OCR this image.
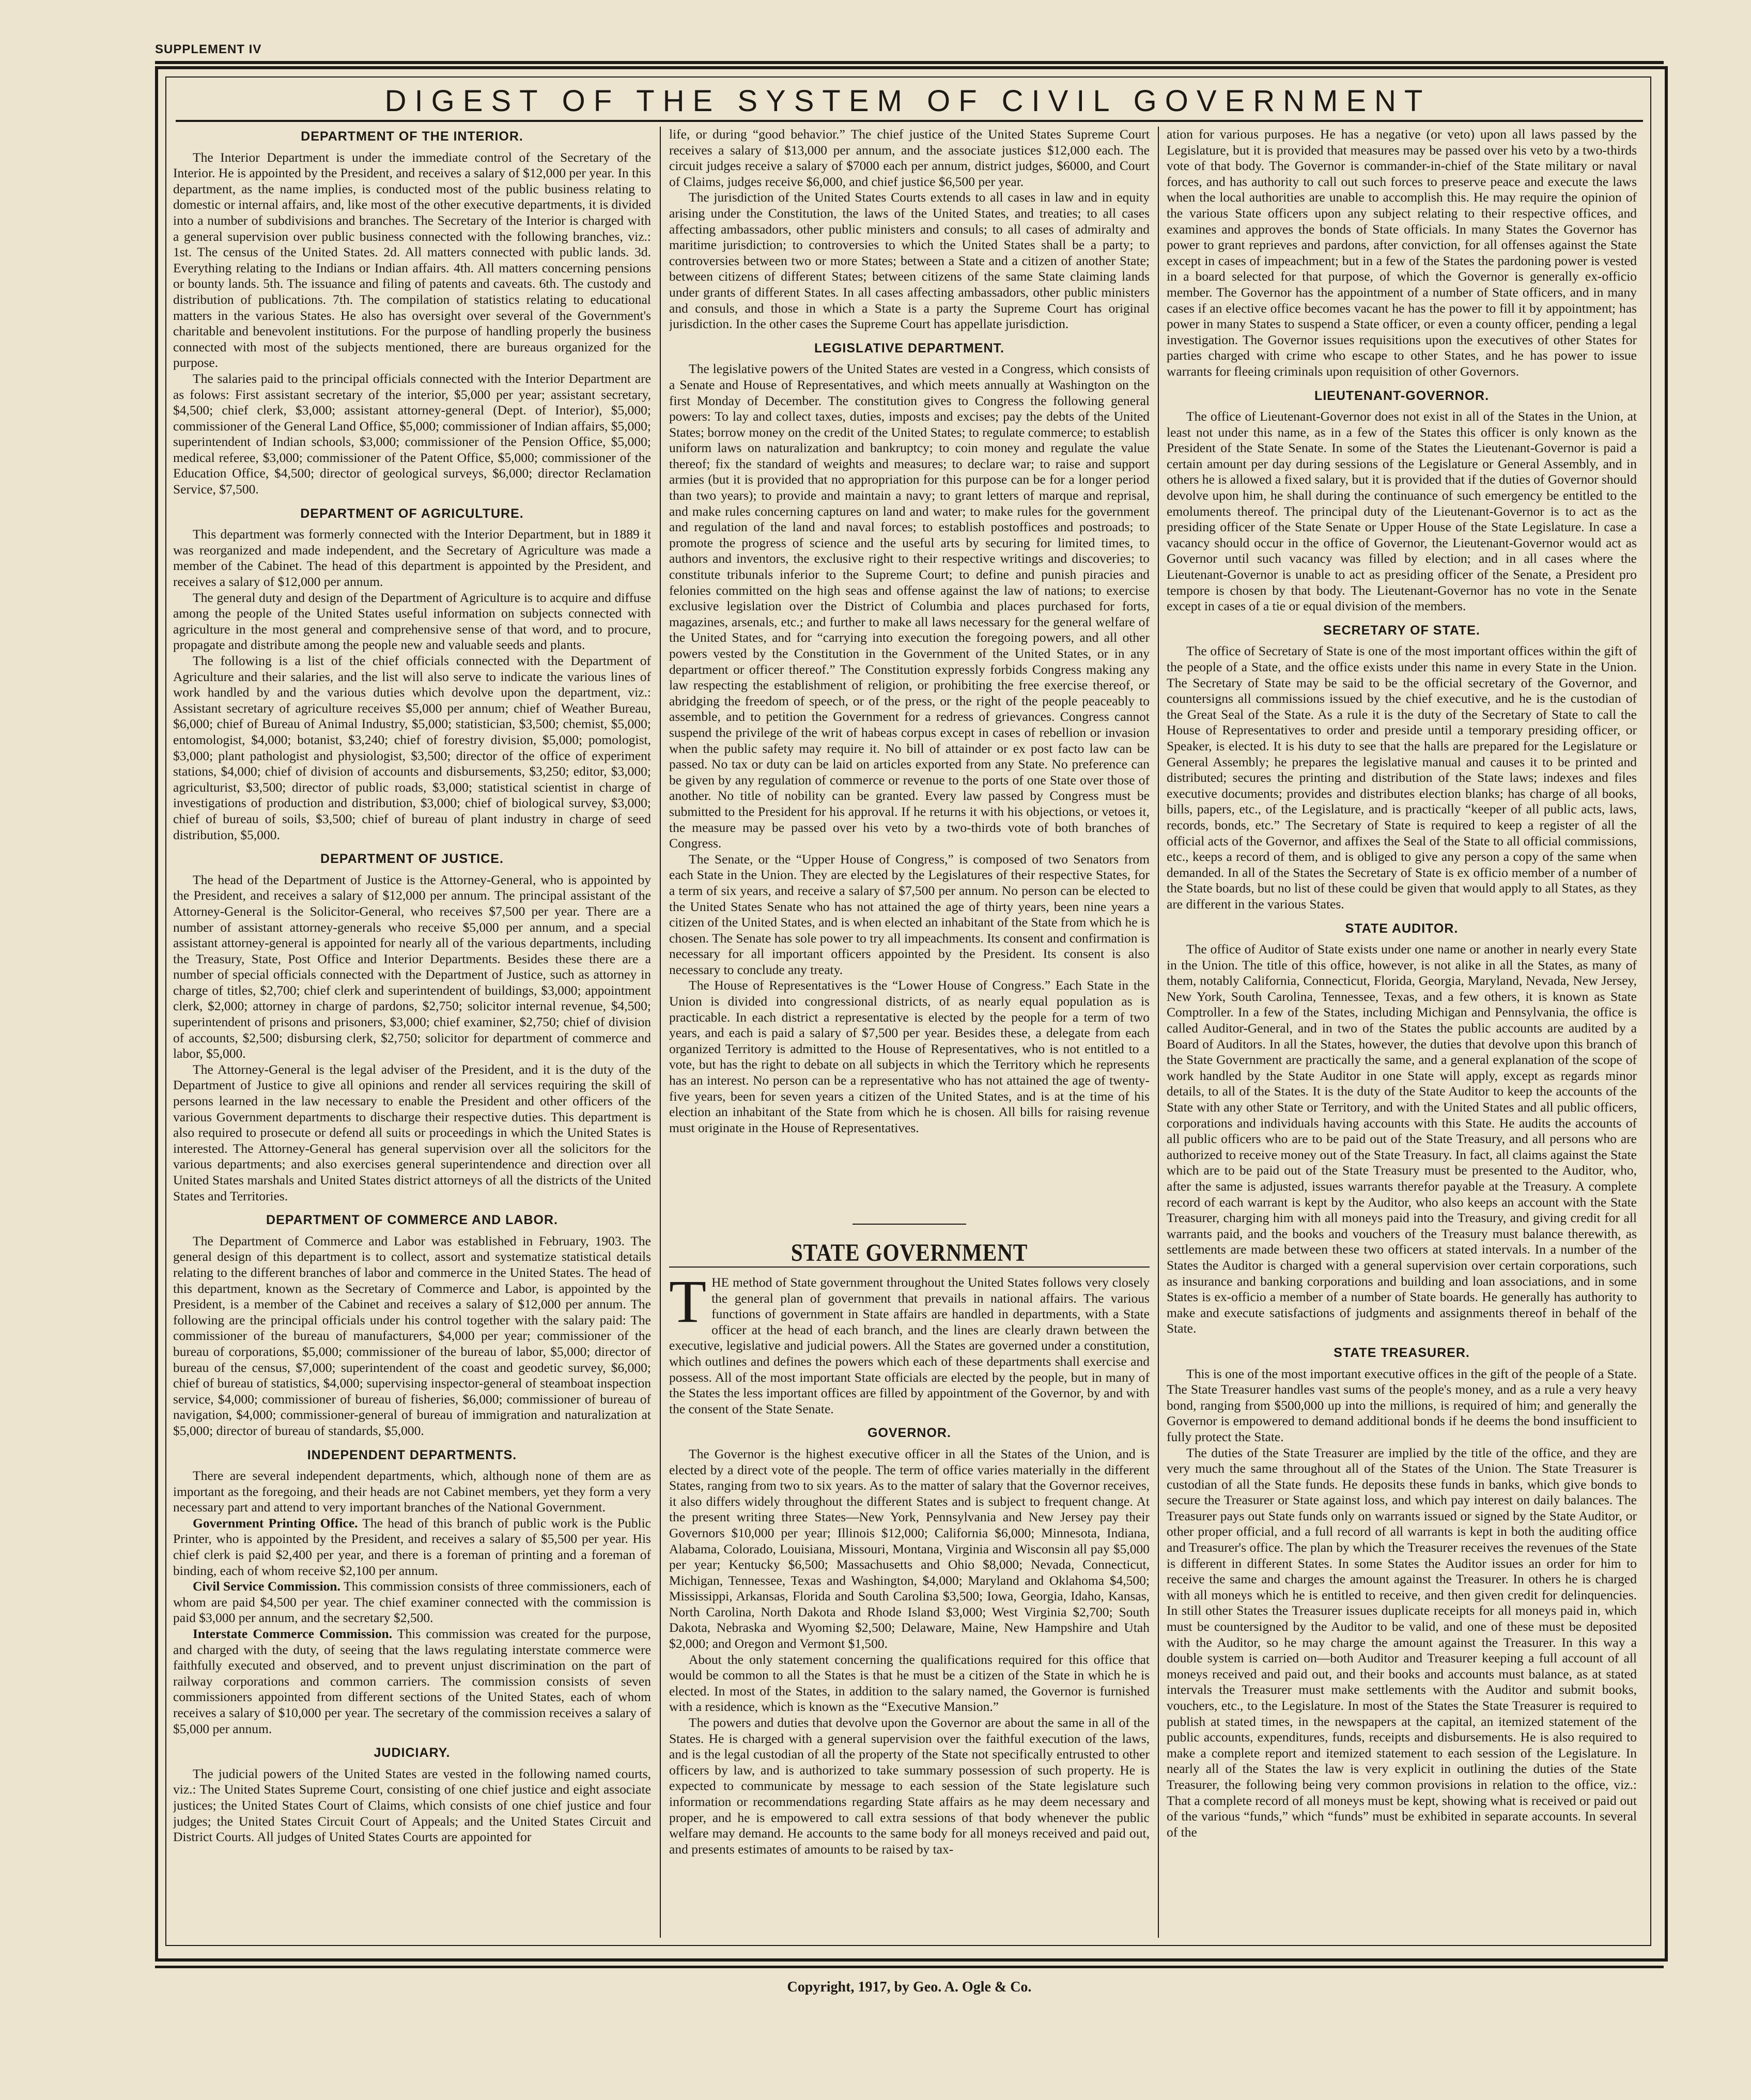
SUPPLEMENT IV
DIGEST OF THE SYSTEM OF CIVIL GOVERNMENT
DEPARTMENT OF THE INTERIOR.

The Interior Department is under the immediate control of the Secretary of the Interior. He is appointed by the President, and receives a salary of $12,000 per year. In this department, as the name implies, is conducted most of the public business relating to domestic or internal affairs, and, like most of the other executive departments, it is divided into a number of subdivisions and branches. The Secretary of the Interior is charged with a general supervision over public business connected with the following branches, viz.: 1st. The census of the United States. 2d. All matters connected with public lands. 3d. Everything relating to the Indians or Indian affairs. 4th. All matters concerning pensions or bounty lands. 5th. The issuance and filing of patents and caveats. 6th. The custody and distribution of publications. 7th. The compilation of statistics relating to educational matters in the various States. He also has oversight over several of the Government's charitable and benevolent institutions. For the purpose of handling properly the business connected with most of the subjects mentioned, there are bureaus organized for the purpose.

The salaries paid to the principal officials connected with the Interior Department are as folows: First assistant secretary of the interior, $5,000 per year; assistant secretary, $4,500; chief clerk, $3,000; assistant attorney-general (Dept. of Interior), $5,000; commissioner of the General Land Office, $5,000; commissioner of Indian affairs, $5,000; superintendent of Indian schools, $3,000; commissioner of the Pension Office, $5,000; medical referee, $3,000; commissioner of the Patent Office, $5,000; commissioner of the Education Office, $4,500; director of geological surveys, $6,000; director Reclamation Service, $7,500.

DEPARTMENT OF AGRICULTURE.

This department was formerly connected with the Interior Department, but in 1889 it was reorganized and made independent, and the Secretary of Agriculture was made a member of the Cabinet. The head of this department is appointed by the President, and receives a salary of $12,000 per annum.

The general duty and design of the Department of Agriculture is to acquire and diffuse among the people of the United States useful information on subjects connected with agriculture in the most general and comprehensive sense of that word, and to procure, propagate and distribute among the people new and valuable seeds and plants.

The following is a list of the chief officials connected with the Department of Agriculture and their salaries, and the list will also serve to indicate the various lines of work handled by and the various duties which devolve upon the department, viz.: Assistant secretary of agriculture receives $5,000 per annum; chief of Weather Bureau, $6,000; chief of Bureau of Animal Industry, $5,000; statistician, $3,500; chemist, $5,000; entomologist, $4,000; botanist, $3,240; chief of forestry division, $5,000; pomologist, $3,000; plant pathologist and physiologist, $3,500; director of the office of experiment stations, $4,000; chief of division of accounts and disbursements, $3,250; editor, $3,000; agriculturist, $3,500; director of public roads, $3,000; statistical scientist in charge of investigations of production and distribution, $3,000; chief of biological survey, $3,000; chief of bureau of soils, $3,500; chief of bureau of plant industry in charge of seed distribution, $5,000.

DEPARTMENT OF JUSTICE.

The head of the Department of Justice is the Attorney-General, who is appointed by the President, and receives a salary of $12,000 per annum. The principal assistant of the Attorney-General is the Solicitor-General, who receives $7,500 per year. There are a number of assistant attorney-generals who receive $5,000 per annum, and a special assistant attorney-general is appointed for nearly all of the various departments, including the Treasury, State, Post Office and Interior Departments. Besides these there are a number of special officials connected with the Department of Justice, such as attorney in charge of titles, $2,700; chief clerk and superintendent of buildings, $3,000; appointment clerk, $2,000; attorney in charge of pardons, $2,750; solicitor internal revenue, $4,500; superintendent of prisons and prisoners, $3,000; chief examiner, $2,750; chief of division of accounts, $2,500; disbursing clerk, $2,750; solicitor for department of commerce and labor, $5,000.

The Attorney-General is the legal adviser of the President, and it is the duty of the Department of Justice to give all opinions and render all services requiring the skill of persons learned in the law necessary to enable the President and other officers of the various Government departments to discharge their respective duties. This department is also required to prosecute or defend all suits or proceedings in which the United States is interested. The Attorney-General has general supervision over all the solicitors for the various departments; and also exercises general superintendence and direction over all United States marshals and United States district attorneys of all the districts of the United States and Territories.

DEPARTMENT OF COMMERCE AND LABOR.

The Department of Commerce and Labor was established in February, 1903. The general design of this department is to collect, assort and systematize statistical details relating to the different branches of labor and commerce in the United States. The head of this department, known as the Secretary of Commerce and Labor, is appointed by the President, is a member of the Cabinet and receives a salary of $12,000 per annum. The following are the principal officials under his control together with the salary paid: The commissioner of the bureau of manufacturers, $4,000 per year; commissioner of the bureau of corporations, $5,000; commissioner of the bureau of labor, $5,000; director of bureau of the census, $7,000; superintendent of the coast and geodetic survey, $6,000; chief of bureau of statistics, $4,000; supervising inspector-general of steamboat inspection service, $4,000; commissioner of bureau of fisheries, $6,000; commissioner of bureau of navigation, $4,000; commissioner-general of bureau of immigration and naturalization at $5,000; director of bureau of standards, $5,000.

INDEPENDENT DEPARTMENTS.

There are several independent departments, which, although none of them are as important as the foregoing, and their heads are not Cabinet members, yet they form a very necessary part and attend to very important branches of the National Government.

Government Printing Office. The head of this branch of public work is the Public Printer, who is appointed by the President, and receives a salary of $5,500 per year. His chief clerk is paid $2,400 per year, and there is a foreman of printing and a foreman of binding, each of whom receive $2,100 per annum.

Civil Service Commission. This commission consists of three commissioners, each of whom are paid $4,500 per year. The chief examiner connected with the commission is paid $3,000 per annum, and the secretary $2,500.

Interstate Commerce Commission. This commission was created for the purpose, and charged with the duty, of seeing that the laws regulating interstate commerce were faithfully executed and observed, and to prevent unjust discrimination on the part of railway corporations and common carriers. The commission consists of seven commissioners appointed from different sections of the United States, each of whom receives a salary of $10,000 per year. The secretary of the commission receives a salary of $5,000 per annum.

JUDICIARY.

The judicial powers of the United States are vested in the following named courts, viz.: The United States Supreme Court, consisting of one chief justice and eight associate justices; the United States Court of Claims, which consists of one chief justice and four judges; the United States Circuit Court of Appeals; and the United States Circuit and District Courts. All judges of United States Courts are appointed for

life, or during “good behavior.” The chief justice of the United States Supreme Court receives a salary of $13,000 per annum, and the associate justices $12,000 each. The circuit judges receive a salary of $7000 each per annum, district judges, $6000, and Court of Claims, judges receive $6,000, and chief justice $6,500 per year.

The jurisdiction of the United States Courts extends to all cases in law and in equity arising under the Constitution, the laws of the United States, and treaties; to all cases affecting ambassadors, other public ministers and consuls; to all cases of admiralty and maritime jurisdiction; to controversies to which the United States shall be a party; to controversies between two or more States; between a State and a citizen of another State; between citizens of different States; between citizens of the same State claiming lands under grants of different States. In all cases affecting ambassadors, other public ministers and consuls, and those in which a State is a party the Supreme Court has original jurisdiction. In the other cases the Supreme Court has appellate jurisdiction.

LEGISLATIVE DEPARTMENT.

The legislative powers of the United States are vested in a Congress, which consists of a Senate and House of Representatives, and which meets annually at Washington on the first Monday of December. The constitution gives to Congress the following general powers: To lay and collect taxes, duties, imposts and excises; pay the debts of the United States; borrow money on the credit of the United States; to regulate commerce; to establish uniform laws on naturalization and bankruptcy; to coin money and regulate the value thereof; fix the standard of weights and measures; to declare war; to raise and support armies (but it is provided that no appropriation for this purpose can be for a longer period than two years); to provide and maintain a navy; to grant letters of marque and reprisal, and make rules concerning captures on land and water; to make rules for the government and regulation of the land and naval forces; to establish postoffices and postroads; to promote the progress of science and the useful arts by securing for limited times, to authors and inventors, the exclusive right to their respective writings and discoveries; to constitute tribunals inferior to the Supreme Court; to define and punish piracies and felonies committed on the high seas and offense against the law of nations; to exercise exclusive legislation over the District of Columbia and places purchased for forts, magazines, arsenals, etc.; and further to make all laws necessary for the general welfare of the United States, and for “carrying into execution the foregoing powers, and all other powers vested by the Constitution in the Government of the United States, or in any department or officer thereof.” The Constitution expressly forbids Congress making any law respecting the establishment of religion, or prohibiting the free exercise thereof, or abridging the freedom of speech, or of the press, or the right of the people peaceably to assemble, and to petition the Government for a redress of grievances. Congress cannot suspend the privilege of the writ of habeas corpus except in cases of rebellion or invasion when the public safety may require it. No bill of attainder or ex post facto law can be passed. No tax or duty can be laid on articles exported from any State. No preference can be given by any regulation of commerce or revenue to the ports of one State over those of another. No title of nobility can be granted. Every law passed by Congress must be submitted to the President for his approval. If he returns it with his objections, or vetoes it, the measure may be passed over his veto by a two-thirds vote of both branches of Congress.

The Senate, or the “Upper House of Congress,” is composed of two Senators from each State in the Union. They are elected by the Legislatures of their respective States, for a term of six years, and receive a salary of $7,500 per annum. No person can be elected to the United States Senate who has not attained the age of thirty years, been nine years a citizen of the United States, and is when elected an inhabitant of the State from which he is chosen. The Senate has sole power to try all impeachments. Its consent and confirmation is necessary for all important officers appointed by the President. Its consent is also necessary to conclude any treaty.

The House of Representatives is the “Lower House of Congress.” Each State in the Union is divided into congressional districts, of as nearly equal population as is practicable. In each district a representative is elected by the people for a term of two years, and each is paid a salary of $7,500 per year. Besides these, a delegate from each organized Territory is admitted to the House of Representatives, who is not entitled to a vote, but has the right to debate on all subjects in which the Territory which he represents has an interest. No person can be a representative who has not attained the age of twenty-five years, been for seven years a citizen of the United States, and is at the time of his election an inhabitant of the State from which he is chosen. All bills for raising revenue must originate in the House of Representatives.

STATE GOVERNMENT

THE method of State government throughout the United States follows very closely the general plan of government that prevails in national affairs. The various functions of government in State affairs are handled in departments, with a State officer at the head of each branch, and the lines are clearly drawn between the executive, legislative and judicial powers. All the States are governed under a constitution, which outlines and defines the powers which each of these departments shall exercise and possess. All of the most important State officials are elected by the people, but in many of the States the less important offices are filled by appointment of the Governor, by and with the consent of the State Senate.

GOVERNOR.

The Governor is the highest executive officer in all the States of the Union, and is elected by a direct vote of the people. The term of office varies materially in the different States, ranging from two to six years. As to the matter of salary that the Governor receives, it also differs widely throughout the different States and is subject to frequent change. At the present writing three States—New York, Pennsylvania and New Jersey pay their Governors $10,000 per year; Illinois $12,000; California $6,000; Minnesota, Indiana, Alabama, Colorado, Louisiana, Missouri, Montana, Virginia and Wisconsin all pay $5,000 per year; Kentucky $6,500; Massachusetts and Ohio $8,000; Nevada, Connecticut, Michigan, Tennessee, Texas and Washington, $4,000; Maryland and Oklahoma $4,500; Mississippi, Arkansas, Florida and South Carolina $3,500; Iowa, Georgia, Idaho, Kansas, North Carolina, North Dakota and Rhode Island $3,000; West Virginia $2,700; South Dakota, Nebraska and Wyoming $2,500; Delaware, Maine, New Hampshire and Utah $2,000; and Oregon and Vermont $1,500.

About the only statement concerning the qualifications required for this office that would be common to all the States is that he must be a citizen of the State in which he is elected. In most of the States, in addition to the salary named, the Governor is furnished with a residence, which is known as the “Executive Mansion.”

The powers and duties that devolve upon the Governor are about the same in all of the States. He is charged with a general supervision over the faithful execution of the laws, and is the legal custodian of all the property of the State not specifically entrusted to other officers by law, and is authorized to take summary possession of such property. He is expected to communicate by message to each session of the State legislature such information or recommendations regarding State affairs as he may deem necessary and proper, and he is empowered to call extra sessions of that body whenever the public welfare may demand. He accounts to the same body for all moneys received and paid out, and presents estimates of amounts to be raised by tax-

ation for various purposes. He has a negative (or veto) upon all laws passed by the Legislature, but it is provided that measures may be passed over his veto by a two-thirds vote of that body. The Governor is commander-in-chief of the State military or naval forces, and has authority to call out such forces to preserve peace and execute the laws when the local authorities are unable to accomplish this. He may require the opinion of the various State officers upon any subject relating to their respective offices, and examines and approves the bonds of State officials. In many States the Governor has power to grant reprieves and pardons, after conviction, for all offenses against the State except in cases of impeachment; but in a few of the States the pardoning power is vested in a board selected for that purpose, of which the Governor is generally ex-officio member. The Governor has the appointment of a number of State officers, and in many cases if an elective office becomes vacant he has the power to fill it by appointment; has power in many States to suspend a State officer, or even a county officer, pending a legal investigation. The Governor issues requisitions upon the executives of other States for parties charged with crime who escape to other States, and he has power to issue warrants for fleeing criminals upon requisition of other Governors.

LIEUTENANT-GOVERNOR.

The office of Lieutenant-Governor does not exist in all of the States in the Union, at least not under this name, as in a few of the States this officer is only known as the President of the State Senate. In some of the States the Lieutenant-Governor is paid a certain amount per day during sessions of the Legislature or General Assembly, and in others he is allowed a fixed salary, but it is provided that if the duties of Governor should devolve upon him, he shall during the continuance of such emergency be entitled to the emoluments thereof. The principal duty of the Lieutenant-Governor is to act as the presiding officer of the State Senate or Upper House of the State Legislature. In case a vacancy should occur in the office of Governor, the Lieutenant-Governor would act as Governor until such vacancy was filled by election; and in all cases where the Lieutenant-Governor is unable to act as presiding officer of the Senate, a President pro tempore is chosen by that body. The Lieutenant-Governor has no vote in the Senate except in cases of a tie or equal division of the members.

SECRETARY OF STATE.

The office of Secretary of State is one of the most important offices within the gift of the people of a State, and the office exists under this name in every State in the Union. The Secretary of State may be said to be the official secretary of the Governor, and countersigns all commissions issued by the chief executive, and he is the custodian of the Great Seal of the State. As a rule it is the duty of the Secretary of State to call the House of Representatives to order and preside until a temporary presiding officer, or Speaker, is elected. It is his duty to see that the halls are prepared for the Legislature or General Assembly; he prepares the legislative manual and causes it to be printed and distributed; secures the printing and distribution of the State laws; indexes and files executive documents; provides and distributes election blanks; has charge of all books, bills, papers, etc., of the Legislature, and is practically “keeper of all public acts, laws, records, bonds, etc.” The Secretary of State is required to keep a register of all the official acts of the Governor, and affixes the Seal of the State to all official commissions, etc., keeps a record of them, and is obliged to give any person a copy of the same when demanded. In all of the States the Secretary of State is ex officio member of a number of the State boards, but no list of these could be given that would apply to all States, as they are different in the various States.

STATE AUDITOR.

The office of Auditor of State exists under one name or another in nearly every State in the Union. The title of this office, however, is not alike in all the States, as many of them, notably California, Connecticut, Florida, Georgia, Maryland, Nevada, New Jersey, New York, South Carolina, Tennessee, Texas, and a few others, it is known as State Comptroller. In a few of the States, including Michigan and Pennsylvania, the office is called Auditor-General, and in two of the States the public accounts are audited by a Board of Auditors. In all the States, however, the duties that devolve upon this branch of the State Government are practically the same, and a general explanation of the scope of work handled by the State Auditor in one State will apply, except as regards minor details, to all of the States. It is the duty of the State Auditor to keep the accounts of the State with any other State or Territory, and with the United States and all public officers, corporations and individuals having accounts with this State. He audits the accounts of all public officers who are to be paid out of the State Treasury, and all persons who are authorized to receive money out of the State Treasury. In fact, all claims against the State which are to be paid out of the State Treasury must be presented to the Auditor, who, after the same is adjusted, issues warrants therefor payable at the Treasury. A complete record of each warrant is kept by the Auditor, who also keeps an account with the State Treasurer, charging him with all moneys paid into the Treasury, and giving credit for all warrants paid, and the books and vouchers of the Treasury must balance therewith, as settlements are made between these two officers at stated intervals. In a number of the States the Auditor is charged with a general supervision over certain corporations, such as insurance and banking corporations and building and loan associations, and in some States is ex-officio a member of a number of State boards. He generally has authority to make and execute satisfactions of judgments and assignments thereof in behalf of the State.

STATE TREASURER.

This is one of the most important executive offices in the gift of the people of a State. The State Treasurer handles vast sums of the people's money, and as a rule a very heavy bond, ranging from $500,000 up into the millions, is required of him; and generally the Governor is empowered to demand additional bonds if he deems the bond insufficient to fully protect the State.

The duties of the State Treasurer are implied by the title of the office, and they are very much the same throughout all of the States of the Union. The State Treasurer is custodian of all the State funds. He deposits these funds in banks, which give bonds to secure the Treasurer or State against loss, and which pay interest on daily balances. The Treasurer pays out State funds only on warrants issued or signed by the State Auditor, or other proper official, and a full record of all warrants is kept in both the auditing office and Treasurer's office. The plan by which the Treasurer receives the revenues of the State is different in different States. In some States the Auditor issues an order for him to receive the same and charges the amount against the Treasurer. In others he is charged with all moneys which he is entitled to receive, and then given credit for delinquencies. In still other States the Treasurer issues duplicate receipts for all moneys paid in, which must be countersigned by the Auditor to be valid, and one of these must be deposited with the Auditor, so he may charge the amount against the Treasurer. In this way a double system is carried on—both Auditor and Treasurer keeping a full account of all moneys received and paid out, and their books and accounts must balance, as at stated intervals the Treasurer must make settlements with the Auditor and submit books, vouchers, etc., to the Legislature. In most of the States the State Treasurer is required to publish at stated times, in the newspapers at the capital, an itemized statement of the public accounts, expenditures, funds, receipts and disbursements. He is also required to make a complete report and itemized statement to each session of the Legislature. In nearly all of the States the law is very explicit in outlining the duties of the State Treasurer, the following being very common provisions in relation to the office, viz.: That a complete record of all moneys must be kept, showing what is received or paid out of the various “funds,” which “funds” must be exhibited in separate accounts. In several of the

Copyright, 1917, by Geo. A. Ogle & Co.
